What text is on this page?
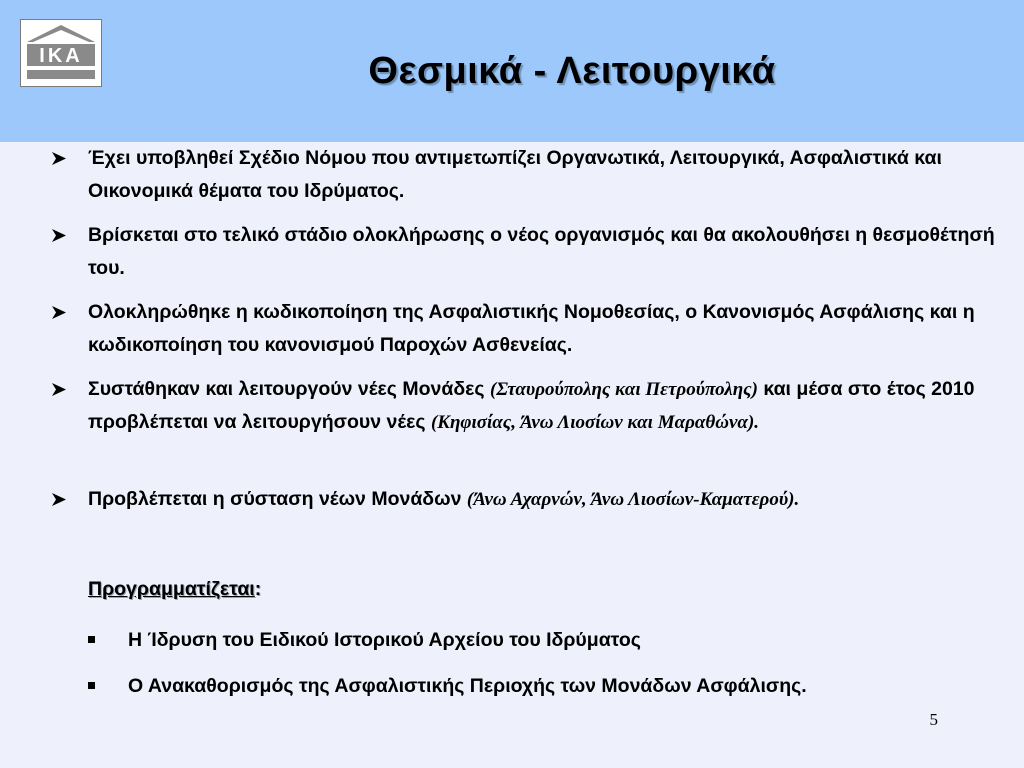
IKA	Θεσμικά - Λειτουργικά
Έχει υποβληθεί Σχέδιο Νόμου που αντιμετωπίζει Οργανωτικά, Λειτουργικά, Ασφαλιστικά και Οικονομικά θέματα του Ιδρύματος.
Βρίσκεται στο τελικό στάδιο ολοκλήρωσης ο νέος οργανισμός και θα ακολουθήσει η θεσμοθέτησή του.
Ολοκληρώθηκε η κωδικοποίηση της Ασφαλιστικής Νομοθεσίας, ο Κανονισμός Ασφάλισης και η κωδικοποίηση του κανονισμού Παροχών Ασθενείας.
Συστάθηκαν και λειτουργούν νέες Μονάδες (Σταυρούπολης και Πετρούπολης) και μέσα στο έτος 2010 προβλέπεται να λειτουργήσουν νέες (Κηφισίας, Άνω Λιοσίων και Μαραθώνα).
Προβλέπεται η σύσταση νέων Μονάδων (Άνω Αχαρνών, Άνω Λιοσίων-Καματερού).
Προγραμματίζεται:
Η Ίδρυση του Ειδικού Ιστορικού Αρχείου του Ιδρύματος
Ο Ανακαθορισμός της Ασφαλιστικής Περιοχής των Μονάδων Ασφάλισης.
5
